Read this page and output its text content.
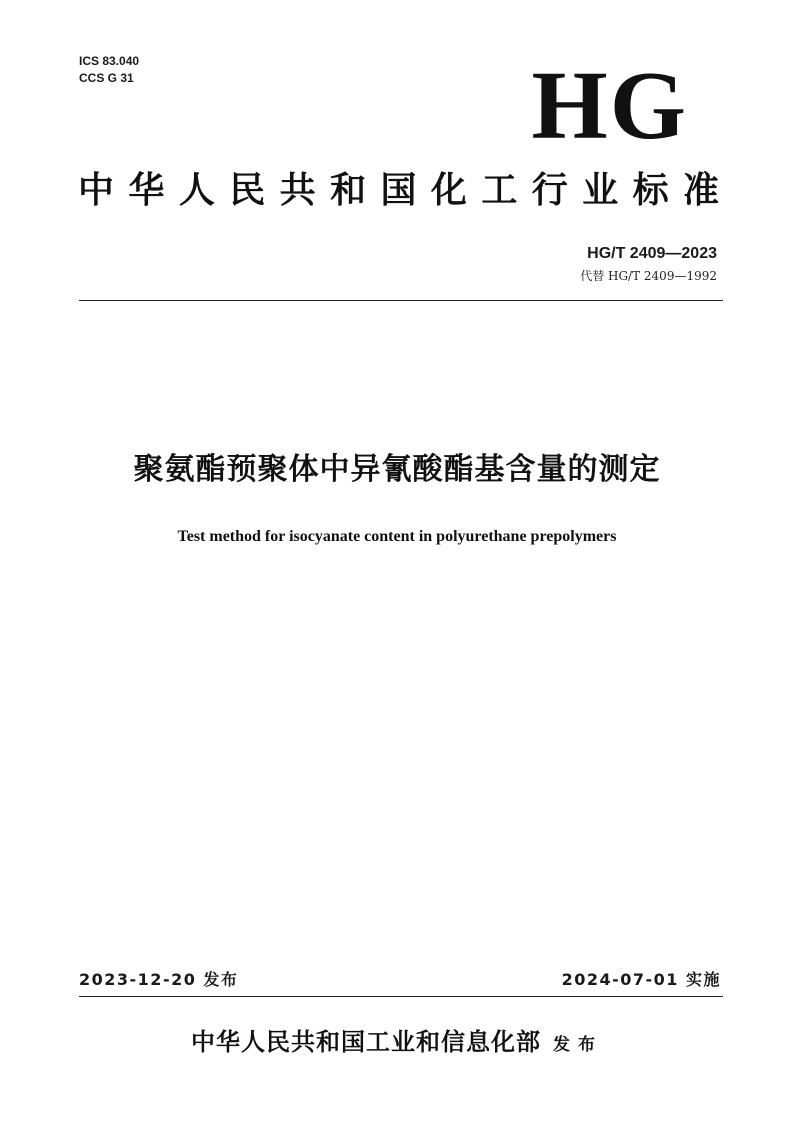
ICS 83.040
CCS G 31	HG
中华人民共和国化工行业标准
HG/T 2409—2023
代替 HG/T 2409—1992
聚氨酯预聚体中异氰酸酯基含量的测定
Test method for isocyanate content in polyurethane prepolymers
2023-12-20 发布	2024-07-01 实施
中华人民共和国工业和信息化部 发布
